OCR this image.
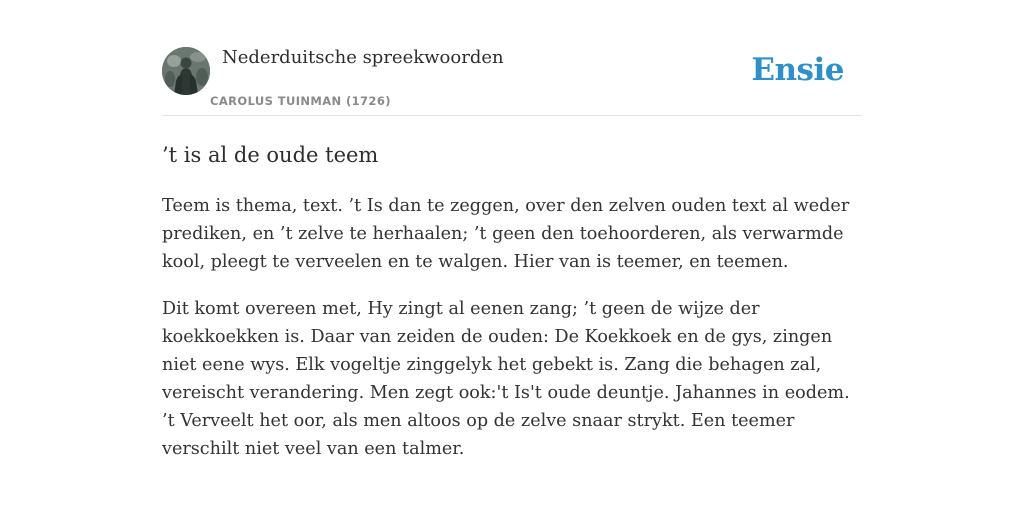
Nederduitsche spreekwoorden
CAROLUS TUINMAN (1726)
Ensie
’t is al de oude teem

Teem is thema, text. ’t Is dan te zeggen, over den zelven ouden text al weder prediken, en ’t zelve te herhaalen; ’t geen den toehoorderen, als verwarmde kool, pleegt te verveelen en te walgen. Hier van is teemer, en teemen.

Dit komt overeen met, Hy zingt al eenen zang; ’t geen de wijze der koekkoekken is. Daar van zeiden de ouden: De Koekkoek en de gys, zingen niet eene wys. Elk vogeltje zinggelyk het gebekt is. Zang die behagen zal, vereischt verandering. Men zegt ook:'t Is't oude deuntje. Jahannes in eodem. ’t Verveelt het oor, als men altoos op de zelve snaar strykt. Een teemer verschilt niet veel van een talmer.
